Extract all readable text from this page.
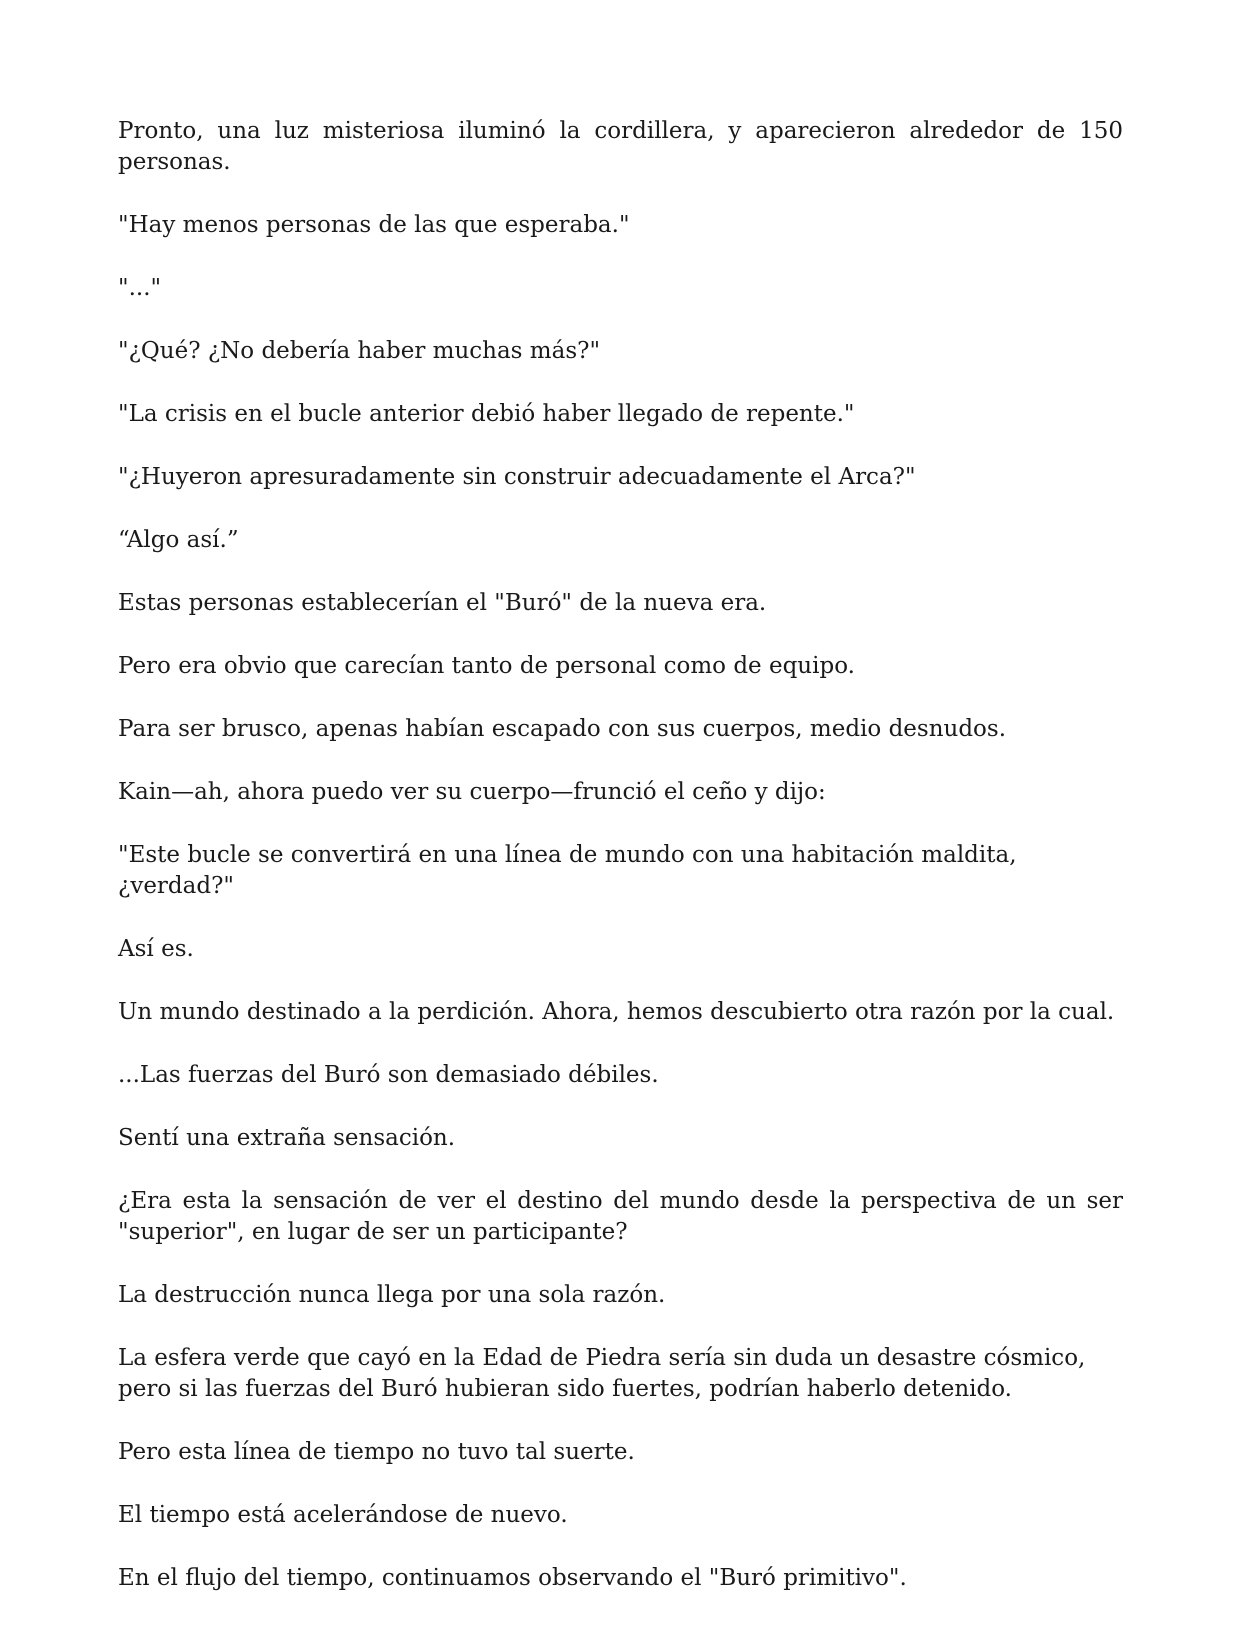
Pronto, una luz misteriosa iluminó la cordillera, y aparecieron alrededor de 150 personas.

"Hay menos personas de las que esperaba."

"..."

"¿Qué? ¿No debería haber muchas más?"

"La crisis en el bucle anterior debió haber llegado de repente."

"¿Huyeron apresuradamente sin construir adecuadamente el Arca?"

“Algo así.”

Estas personas establecerían el "Buró" de la nueva era.

Pero era obvio que carecían tanto de personal como de equipo.

Para ser brusco, apenas habían escapado con sus cuerpos, medio desnudos.

Kain—ah, ahora puedo ver su cuerpo—frunció el ceño y dijo:

"Este bucle se convertirá en una línea de mundo con una habitación maldita, ¿verdad?"

Así es.

Un mundo destinado a la perdición. Ahora, hemos descubierto otra razón por la cual.

...Las fuerzas del Buró son demasiado débiles.

Sentí una extraña sensación.

¿Era esta la sensación de ver el destino del mundo desde la perspectiva de un ser "superior", en lugar de ser un participante?

La destrucción nunca llega por una sola razón.

La esfera verde que cayó en la Edad de Piedra sería sin duda un desastre cósmico, pero si las fuerzas del Buró hubieran sido fuertes, podrían haberlo detenido.

Pero esta línea de tiempo no tuvo tal suerte.

El tiempo está acelerándose de nuevo.

En el flujo del tiempo, continuamos observando el "Buró primitivo".
